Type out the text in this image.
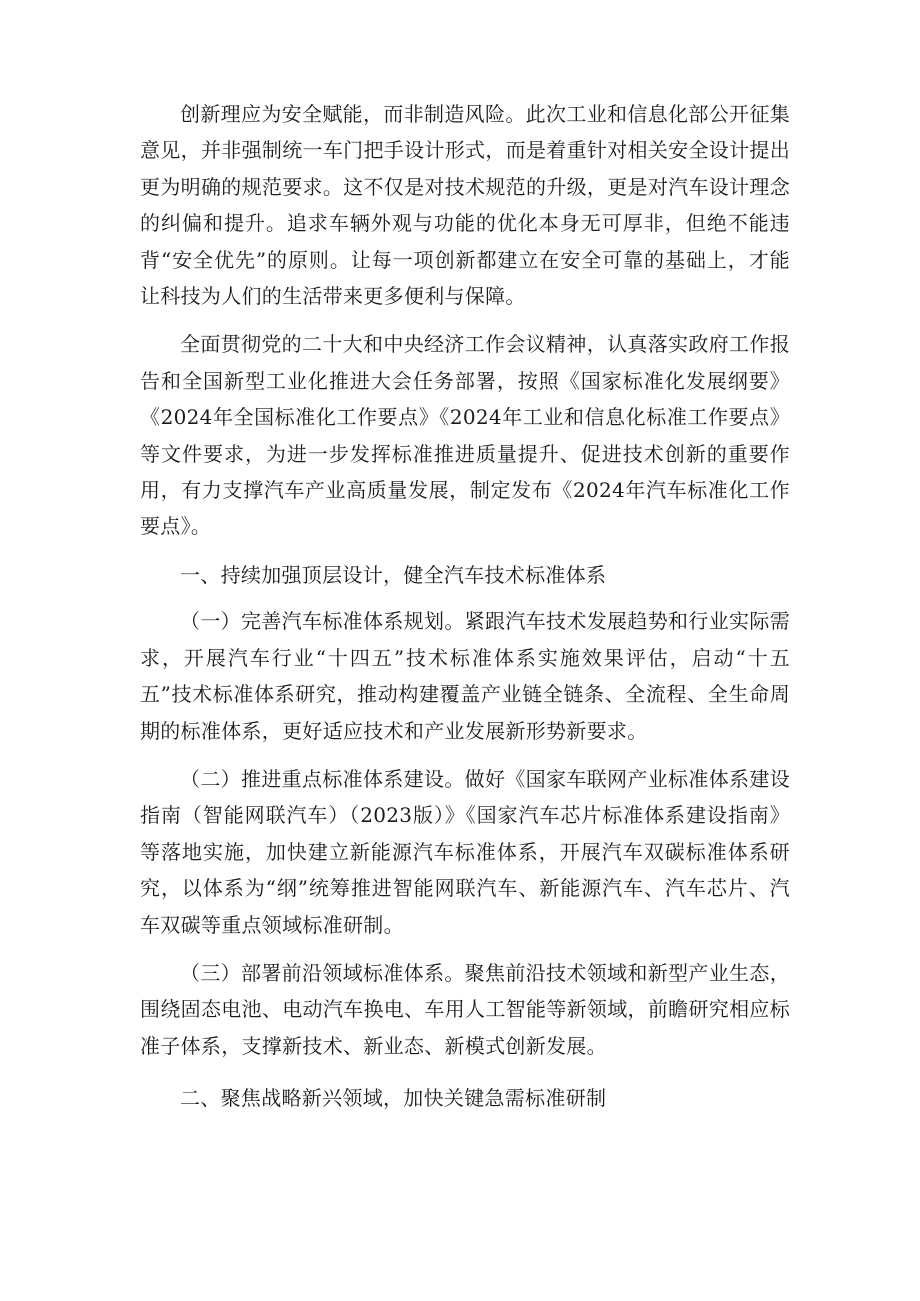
创新理应为安全赋能，而非制造风险。此次工业和信息化部公开征集意见，并非强制统一车门把手设计形式，而是着重针对相关安全设计提出更为明确的规范要求。这不仅是对技术规范的升级，更是对汽车设计理念的纠偏和提升。追求车辆外观与功能的优化本身无可厚非，但绝不能违背“安全优先”的原则。让每一项创新都建立在安全可靠的基础上，才能让科技为人们的生活带来更多便利与保障。

全面贯彻党的二十大和中央经济工作会议精神，认真落实政府工作报告和全国新型工业化推进大会任务部署，按照《国家标准化发展纲要》《2024年全国标准化工作要点》《2024年工业和信息化标准工作要点》等文件要求，为进一步发挥标准推进质量提升、促进技术创新的重要作用，有力支撑汽车产业高质量发展，制定发布《2024年汽车标准化工作要点》。

一、持续加强顶层设计，健全汽车技术标准体系

（一）完善汽车标准体系规划。紧跟汽车技术发展趋势和行业实际需求，开展汽车行业“十四五”技术标准体系实施效果评估，启动“十五五”技术标准体系研究，推动构建覆盖产业链全链条、全流程、全生命周期的标准体系，更好适应技术和产业发展新形势新要求。

（二）推进重点标准体系建设。做好《国家车联网产业标准体系建设指南（智能网联汽车）（2023版）》《国家汽车芯片标准体系建设指南》等落地实施，加快建立新能源汽车标准体系，开展汽车双碳标准体系研究，以体系为“纲”统筹推进智能网联汽车、新能源汽车、汽车芯片、汽车双碳等重点领域标准研制。

（三）部署前沿领域标准体系。聚焦前沿技术领域和新型产业生态，围绕固态电池、电动汽车换电、车用人工智能等新领域，前瞻研究相应标准子体系，支撑新技术、新业态、新模式创新发展。

二、聚焦战略新兴领域，加快关键急需标准研制
